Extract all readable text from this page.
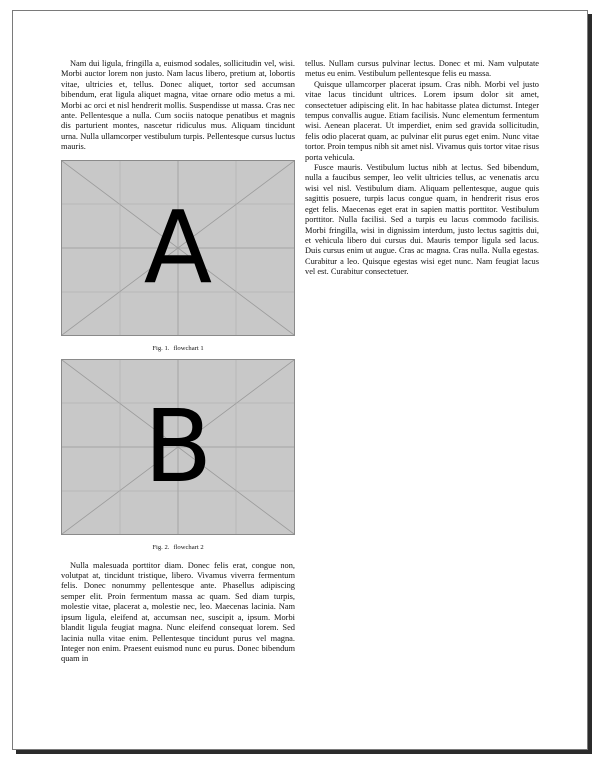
Nam dui ligula, fringilla a, euismod sodales, sollicitudin vel, wisi. Morbi auctor lorem non justo. Nam lacus libero, pretium at, lobortis vitae, ultricies et, tellus. Donec aliquet, tortor sed accumsan bibendum, erat ligula aliquet magna, vitae ornare odio metus a mi. Morbi ac orci et nisl hendrerit mollis. Suspendisse ut massa. Cras nec ante. Pellentesque a nulla. Cum sociis natoque penatibus et magnis dis parturient montes, nascetur ridiculus mus. Aliquam tincidunt urna. Nulla ullamcorper vestibulum turpis. Pellentesque cursus luctus mauris.

A
Fig. 1. flowchart 1
B
Fig. 2. flowchart 2

Nulla malesuada porttitor diam. Donec felis erat, congue non, volutpat at, tincidunt tristique, libero. Vivamus viverra fermentum felis. Donec nonummy pellentesque ante. Phasellus adipiscing semper elit. Proin fermentum massa ac quam. Sed diam turpis, molestie vitae, placerat a, molestie nec, leo. Maecenas lacinia. Nam ipsum ligula, eleifend at, accumsan nec, suscipit a, ipsum. Morbi blandit ligula feugiat magna. Nunc eleifend consequat lorem. Sed lacinia nulla vitae enim. Pellentesque tincidunt purus vel magna. Integer non enim. Praesent euismod nunc eu purus. Donec bibendum quam in

tellus. Nullam cursus pulvinar lectus. Donec et mi. Nam vulputate metus eu enim. Vestibulum pellentesque felis eu massa.

Quisque ullamcorper placerat ipsum. Cras nibh. Morbi vel justo vitae lacus tincidunt ultrices. Lorem ipsum dolor sit amet, consectetuer adipiscing elit. In hac habitasse platea dictumst. Integer tempus convallis augue. Etiam facilisis. Nunc elementum fermentum wisi. Aenean placerat. Ut imperdiet, enim sed gravida sollicitudin, felis odio placerat quam, ac pulvinar elit purus eget enim. Nunc vitae tortor. Proin tempus nibh sit amet nisl. Vivamus quis tortor vitae risus porta vehicula.

Fusce mauris. Vestibulum luctus nibh at lectus. Sed bibendum, nulla a faucibus semper, leo velit ultricies tellus, ac venenatis arcu wisi vel nisl. Vestibulum diam. Aliquam pellentesque, augue quis sagittis posuere, turpis lacus congue quam, in hendrerit risus eros eget felis. Maecenas eget erat in sapien mattis porttitor. Vestibulum porttitor. Nulla facilisi. Sed a turpis eu lacus commodo facilisis. Morbi fringilla, wisi in dignissim interdum, justo lectus sagittis dui, et vehicula libero dui cursus dui. Mauris tempor ligula sed lacus. Duis cursus enim ut augue. Cras ac magna. Cras nulla. Nulla egestas. Curabitur a leo. Quisque egestas wisi eget nunc. Nam feugiat lacus vel est. Curabitur consectetuer.
